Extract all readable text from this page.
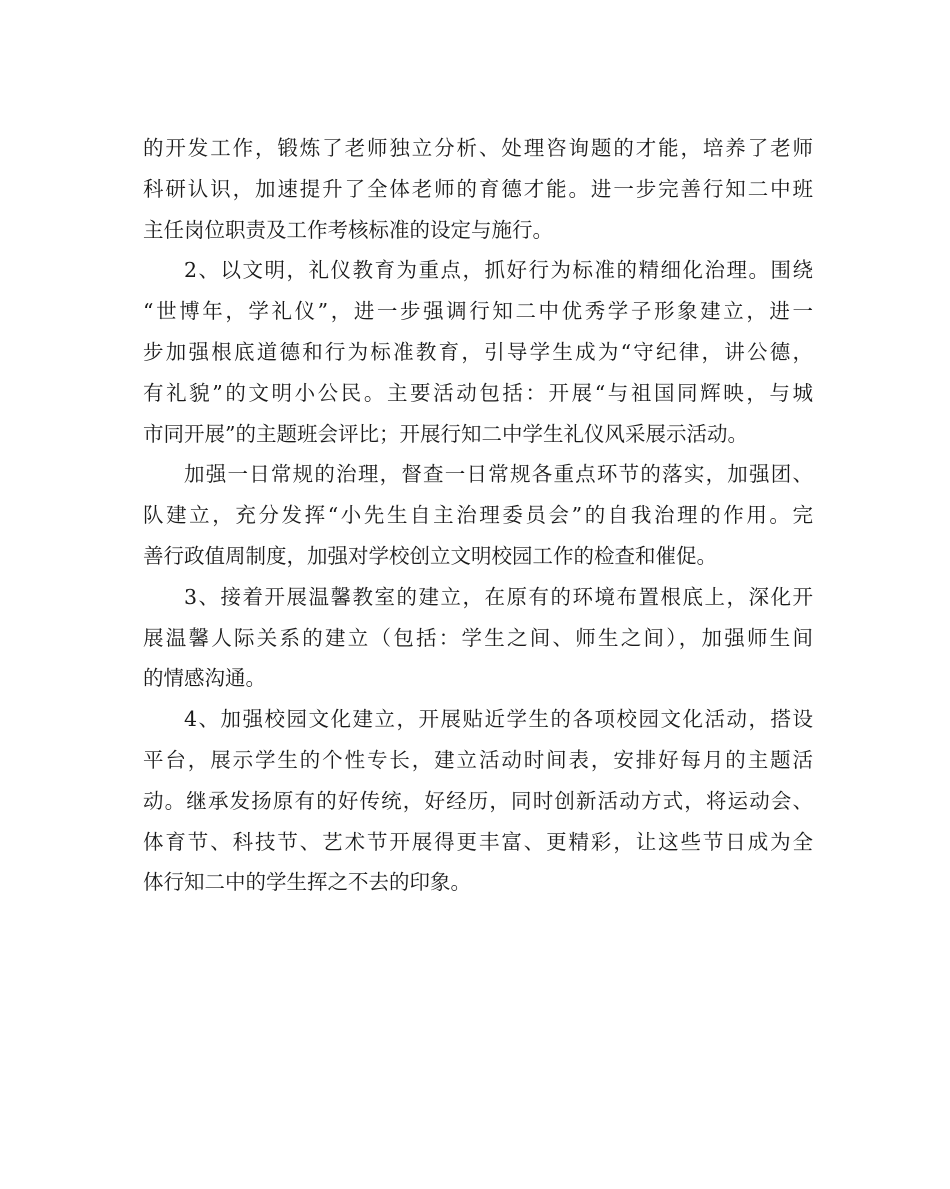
的开发工作，锻炼了老师独立分析、处理咨询题的才能，培养了老师
科研认识，加速提升了全体老师的育德才能。进一步完善行知二中班
主任岗位职责及工作考核标准的设定与施行。
2、以文明，礼仪教育为重点，抓好行为标准的精细化治理。围绕
“世博年，学礼仪”，进一步强调行知二中优秀学子形象建立，进一
步加强根底道德和行为标准教育，引导学生成为“守纪律，讲公德，
有礼貌”的文明小公民。主要活动包括：开展“与祖国同辉映，与城
市同开展”的主题班会评比；开展行知二中学生礼仪风采展示活动。
加强一日常规的治理，督查一日常规各重点环节的落实，加强团、
队建立，充分发挥“小先生自主治理委员会”的自我治理的作用。完
善行政值周制度，加强对学校创立文明校园工作的检查和催促。
3、接着开展温馨教室的建立，在原有的环境布置根底上，深化开
展温馨人际关系的建立（包括：学生之间、师生之间），加强师生间
的情感沟通。
4、加强校园文化建立，开展贴近学生的各项校园文化活动，搭设
平台，展示学生的个性专长，建立活动时间表，安排好每月的主题活
动。继承发扬原有的好传统，好经历，同时创新活动方式，将运动会、
体育节、科技节、艺术节开展得更丰富、更精彩，让这些节日成为全
体行知二中的学生挥之不去的印象。
